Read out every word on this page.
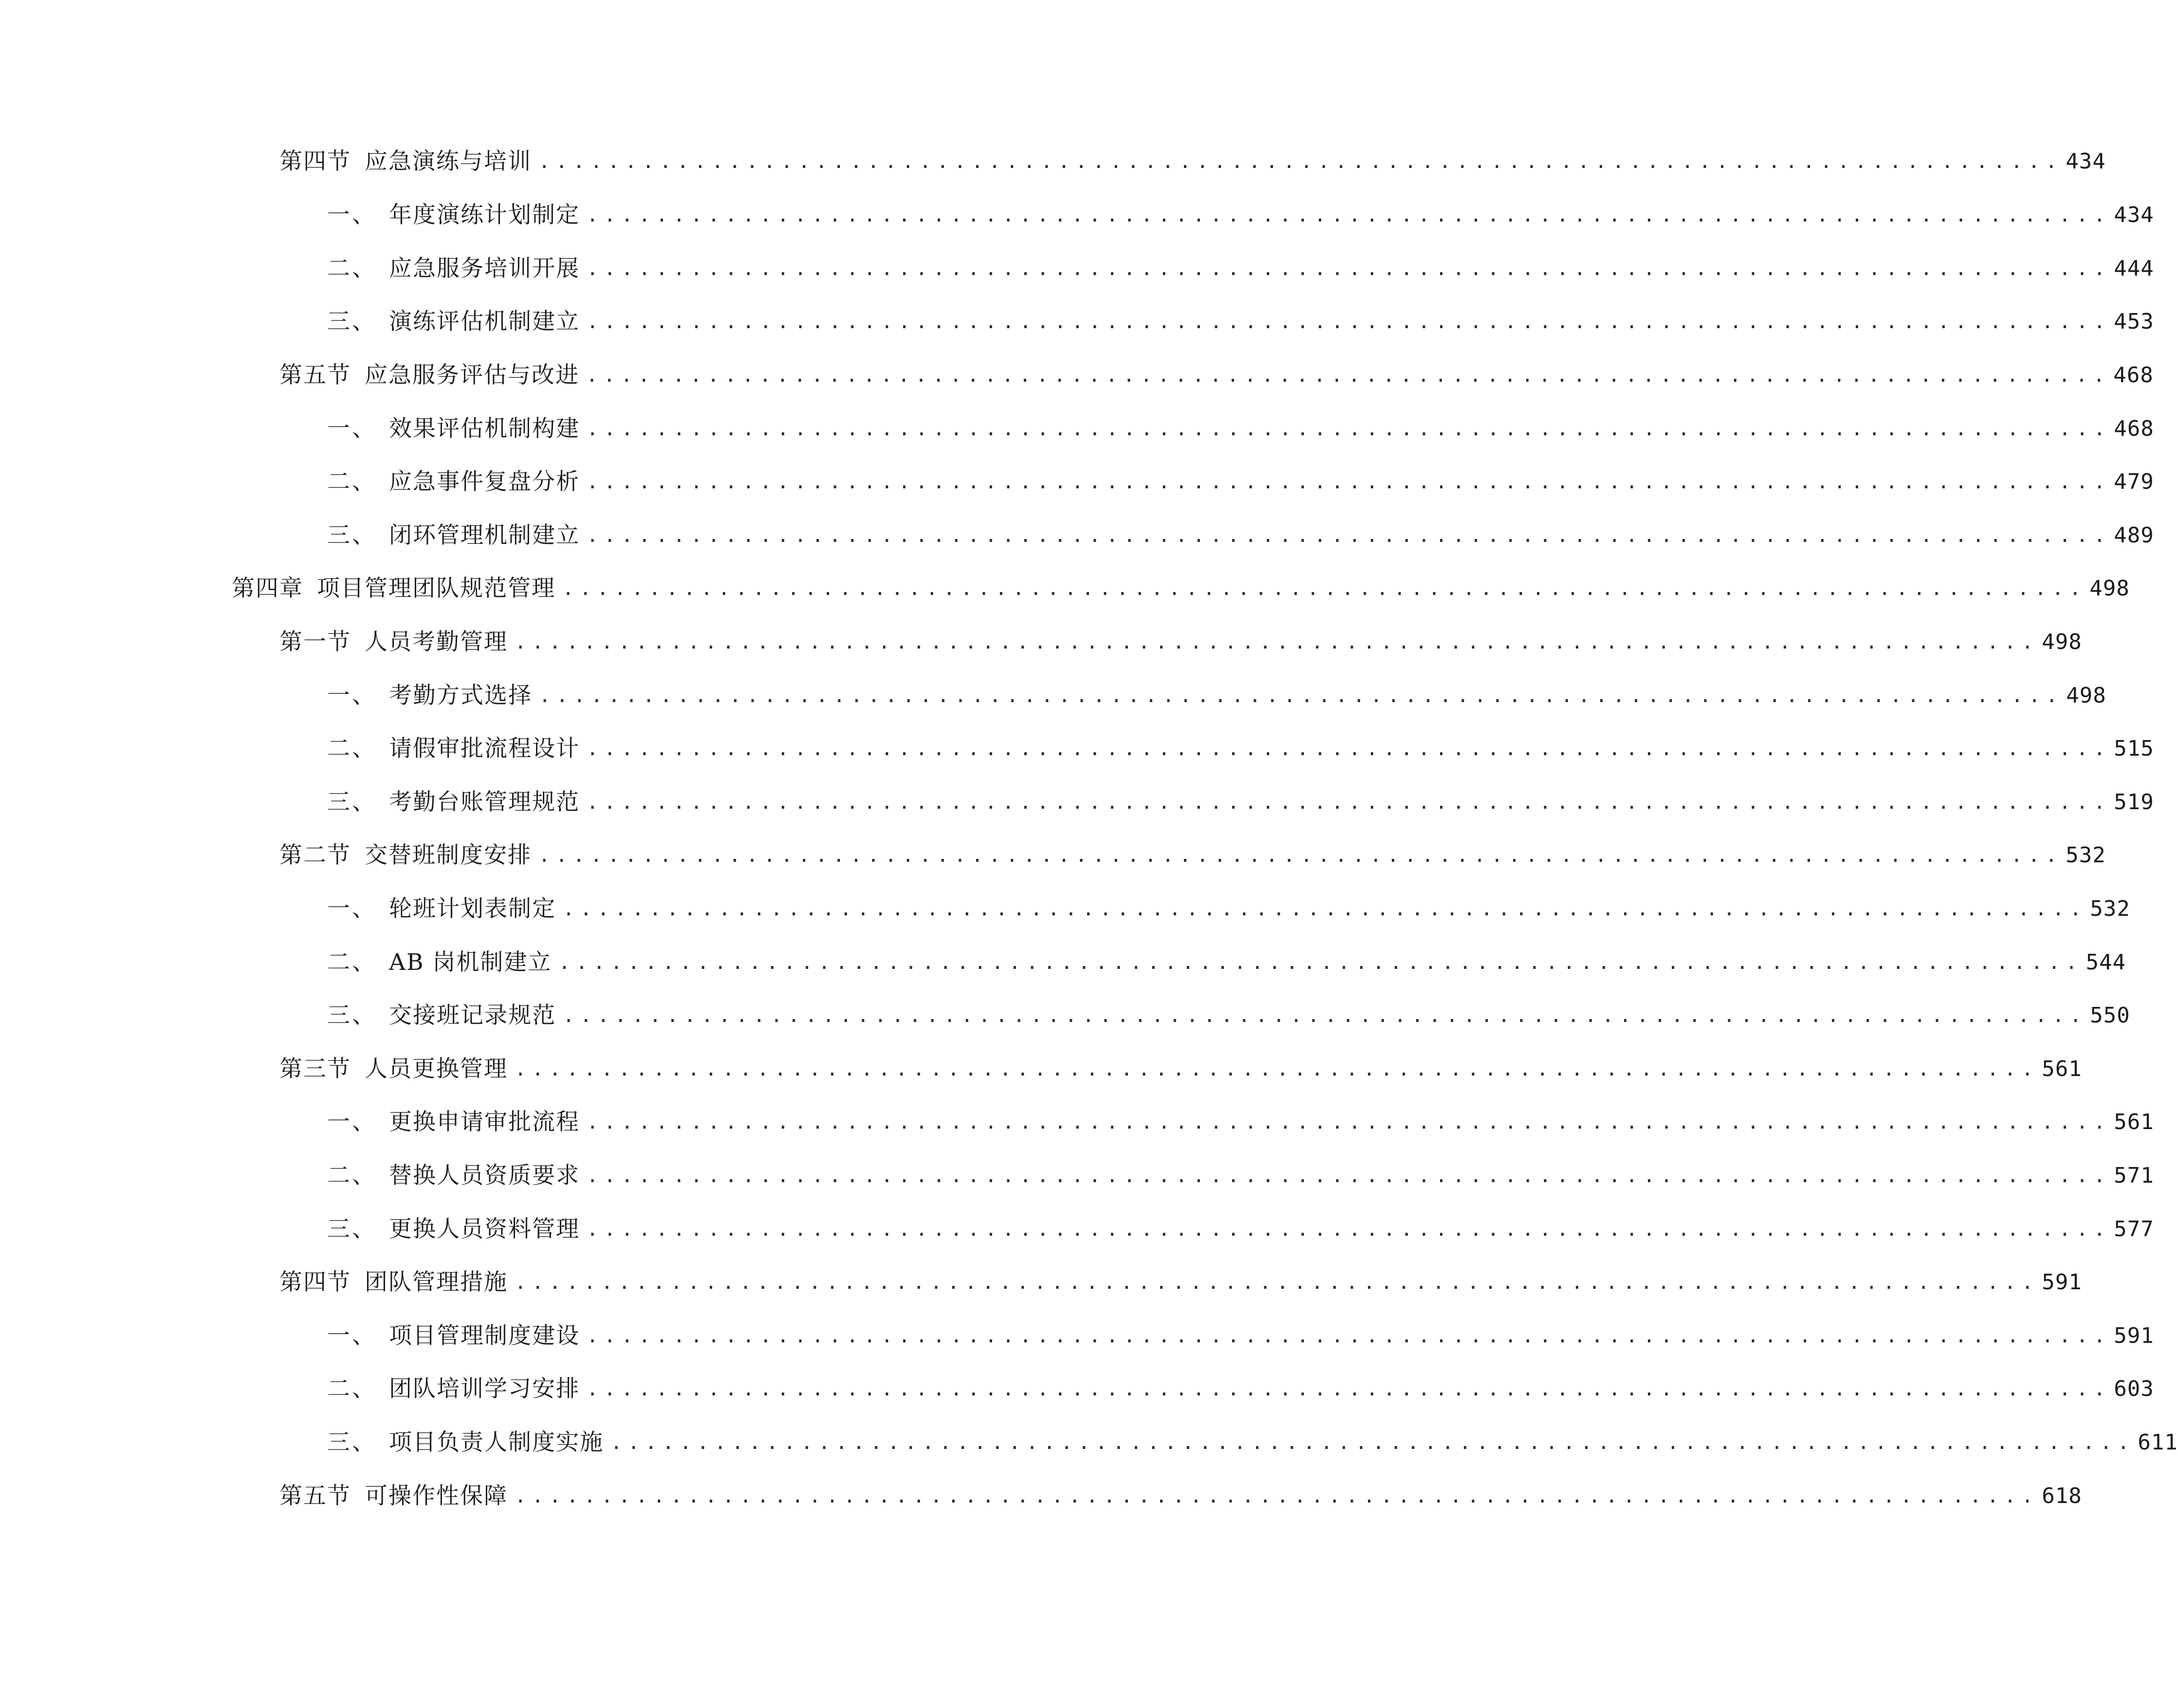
第四节 应急演练与培训 ........................................................................................ 434
一、 年度演练计划制定 ........................................................................................ 434
二、 应急服务培训开展 ........................................................................................ 444
三、 演练评估机制建立 ........................................................................................ 453
第五节 应急服务评估与改进 ........................................................................................ 468
一、 效果评估机制构建 ........................................................................................ 468
二、 应急事件复盘分析 ........................................................................................ 479
三、 闭环管理机制建立 ........................................................................................ 489
第四章 项目管理团队规范管理 ........................................................................................ 498
第一节 人员考勤管理 ........................................................................................ 498
一、 考勤方式选择 ........................................................................................ 498
二、 请假审批流程设计 ........................................................................................ 515
三、 考勤台账管理规范 ........................................................................................ 519
第二节 交替班制度安排 ........................................................................................ 532
一、 轮班计划表制定 ........................................................................................ 532
二、 AB 岗机制建立 ........................................................................................ 544
三、 交接班记录规范 ........................................................................................ 550
第三节 人员更换管理 ........................................................................................ 561
一、 更换申请审批流程 ........................................................................................ 561
二、 替换人员资质要求 ........................................................................................ 571
三、 更换人员资料管理 ........................................................................................ 577
第四节 团队管理措施 ........................................................................................ 591
一、 项目管理制度建设 ........................................................................................ 591
二、 团队培训学习安排 ........................................................................................ 603
三、 项目负责人制度实施 ........................................................................................ 611
第五节 可操作性保障 ........................................................................................ 618
